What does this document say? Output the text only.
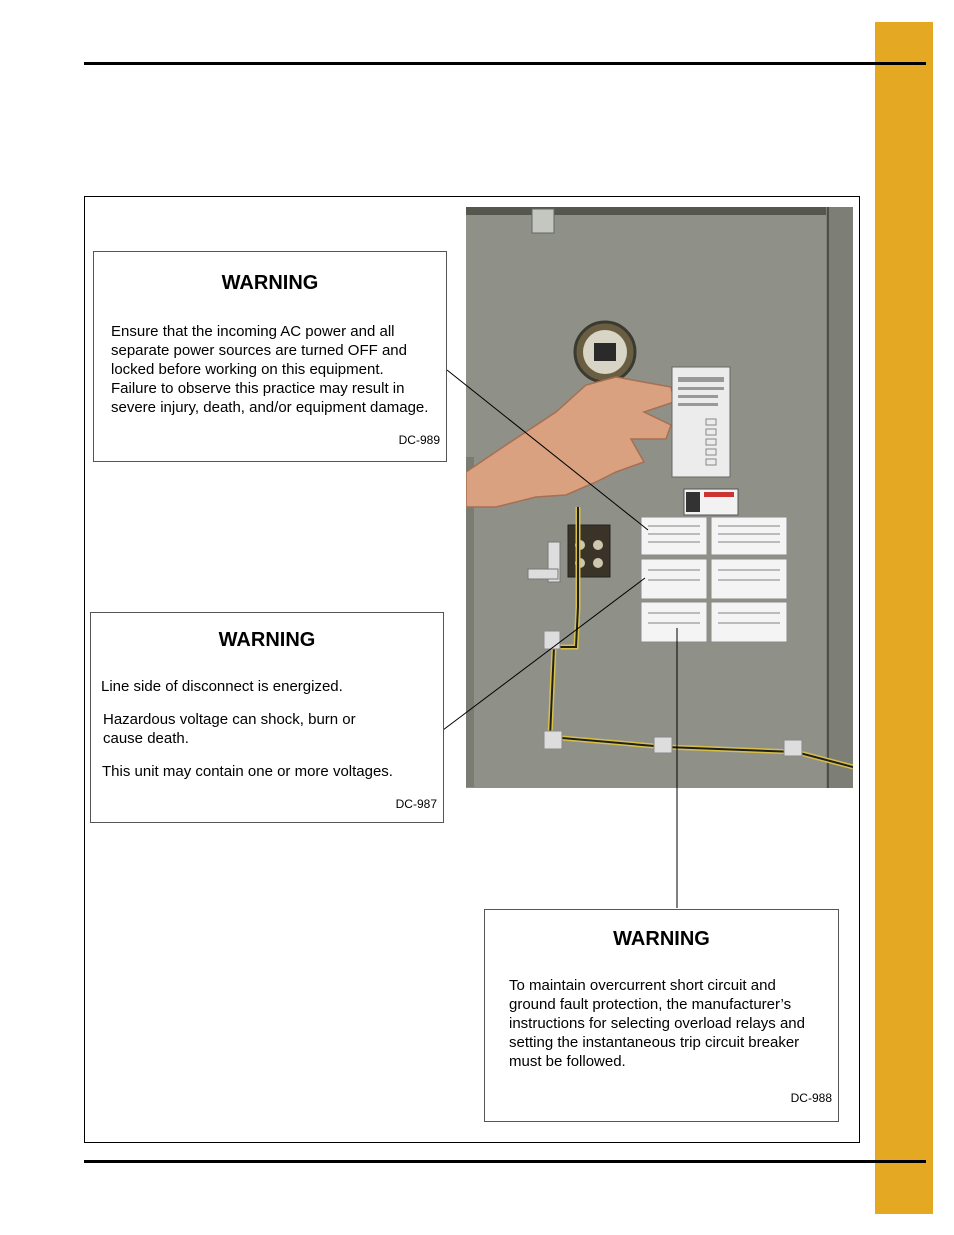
WARNING
Ensure that the incoming AC power and all
separate power sources are turned OFF and
locked before working on this equipment.
Failure to observe this practice may result in
severe injury, death, and/or equipment damage.
DC-989
WARNING
Line side of disconnect is energized.
Hazardous voltage can shock, burn or
cause death.
This unit may contain one or more voltages.
DC-987
WARNING
To maintain overcurrent short circuit and
ground fault protection, the manufacturer’s
instructions for selecting overload relays and
setting the instantaneous trip circuit breaker
must be followed.
DC-988
